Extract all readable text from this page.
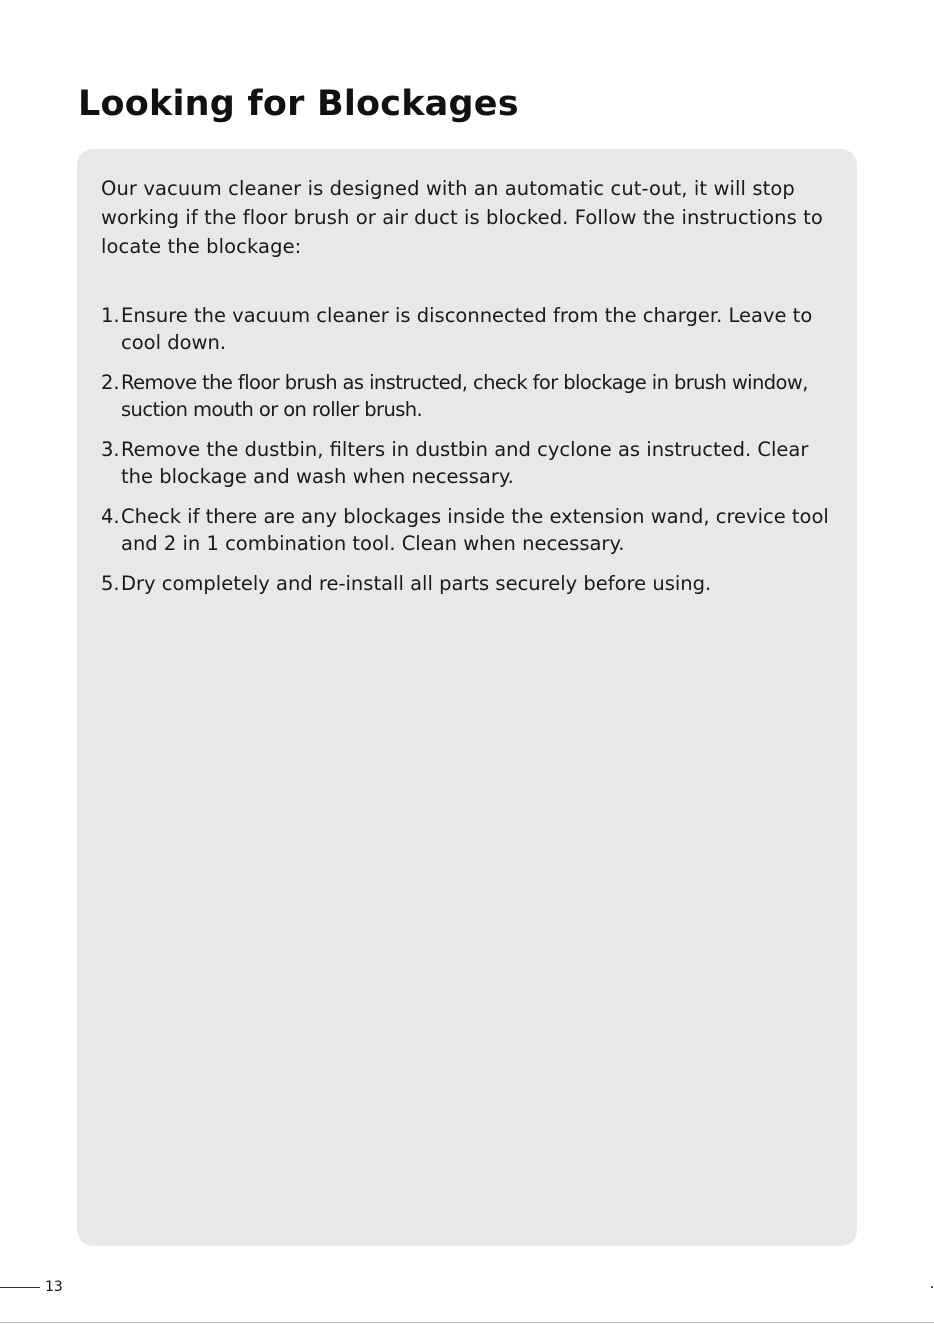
Looking for Blockages

Our vacuum cleaner is designed with an automatic cut-out, it will stop working if the floor brush or air duct is blocked. Follow the instructions to locate the blockage:

1. Ensure the vacuum cleaner is disconnected from the charger. Leave to cool down.
2. Remove the floor brush as instructed, check for blockage in brush window, suction mouth or on roller brush.
3. Remove the dustbin, filters in dustbin and cyclone as instructed. Clear the blockage and wash when necessary.
4. Check if there are any blockages inside the extension wand, crevice tool and 2 in 1 combination tool. Clean when necessary.
5. Dry completely and re-install all parts securely before using.
13
